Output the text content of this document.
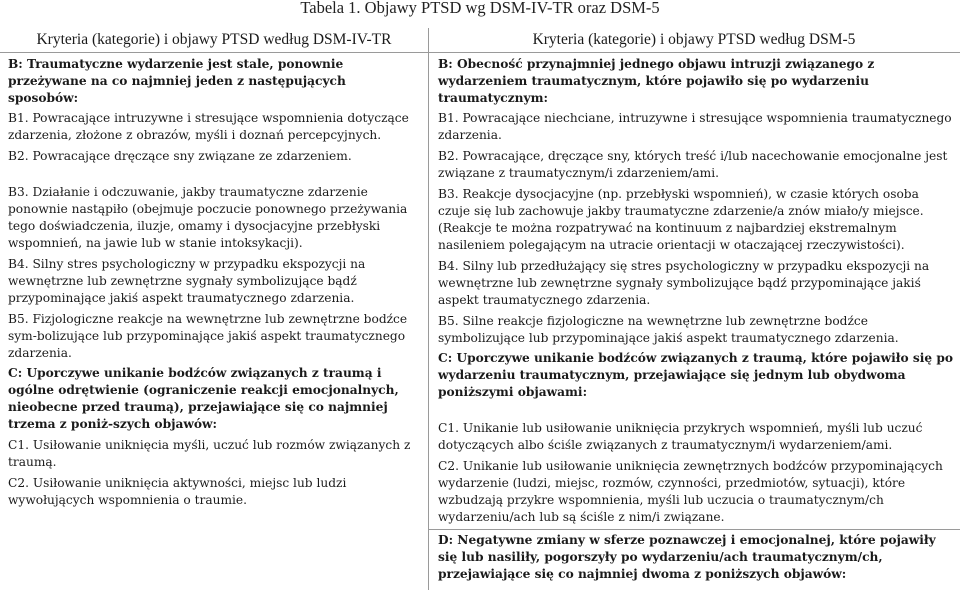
Tabela 1. Objawy PTSD wg DSM-IV-TR oraz DSM-5
Kryteria (kategorie) i objawy PTSD według DSM-IV-TR

B: Traumatyczne wydarzenie jest stale, ponownie przeżywane na co najmniej jeden z następujących sposobów:

B1. Powracające intruzywne i stresujące wspomnienia dotyczące zdarzenia, złożone z obrazów, myśli i doznań percepcyjnych.

B2. Powracające dręczące sny związane ze zdarzeniem.

B3. Działanie i odczuwanie, jakby traumatyczne zdarzenie ponownie nastąpiło (obejmuje poczucie ponownego przeżywania tego doświadczenia, iluzje, omamy i dysocjacyjne przebłyski wspomnień, na jawie lub w stanie intoksykacji).

B4. Silny stres psychologiczny w przypadku ekspozycji na wewnętrzne lub zewnętrzne sygnały symbolizujące bądź przypominające jakiś aspekt traumatycznego zdarzenia.

B5. Fizjologiczne reakcje na wewnętrzne lub zewnętrzne bodźce sym-bolizujące lub przypominające jakiś aspekt traumatycznego zdarzenia.

C: Uporczywe unikanie bodźców związanych z traumą i ogólne odrętwienie (ograniczenie reakcji emocjonalnych, nieobecne przed traumą), przejawiające się co najmniej trzema z poniż-szych objawów:

C1. Usiłowanie uniknięcia myśli, uczuć lub rozmów związanych z traumą.

C2. Usiłowanie uniknięcia aktywności, miejsc lub ludzi wywołujących wspomnienia o traumie.

Kryteria (kategorie) i objawy PTSD według DSM-5

B: Obecność przynajmniej jednego objawu intruzji związanego z wydarzeniem traumatycznym, które pojawiło się po wydarzeniu traumatycznym:

B1. Powracające niechciane, intruzywne i stresujące wspomnienia traumatycznego zdarzenia.

B2. Powracające, dręczące sny, których treść i/lub nacechowanie emocjonalne jest związane z traumatycznym/i zdarzeniem/ami.

B3. Reakcje dysocjacyjne (np. przebłyski wspomnień), w czasie których osoba czuje się lub zachowuje jakby traumatyczne zdarzenie/a znów miało/y miejsce. (Reakcje te można rozpatrywać na kontinuum z najbardziej ekstremalnym nasileniem polegającym na utracie orientacji w otaczającej rzeczywistości).

B4. Silny lub przedłużający się stres psychologiczny w przypadku ekspozycji na wewnętrzne lub zewnętrzne sygnały symbolizujące bądź przypominające jakiś aspekt traumatycznego zdarzenia.

B5. Silne reakcje fizjologiczne na wewnętrzne lub zewnętrzne bodźce symbolizujące lub przypominające jakiś aspekt traumatycznego zdarzenia.

C: Uporczywe unikanie bodźców związanych z traumą, które pojawiło się po wydarzeniu traumatycznym, przejawiające się jednym lub obydwoma poniższymi objawami:

C1. Unikanie lub usiłowanie uniknięcia przykrych wspomnień, myśli lub uczuć dotyczących albo ściśle związanych z traumatycznym/i wydarzeniem/ami.

C2. Unikanie lub usiłowanie uniknięcia zewnętrznych bodźców przypominających wydarzenie (ludzi, miejsc, rozmów, czynności, przedmiotów, sytuacji), które wzbudzają przykre wspomnienia, myśli lub uczucia o traumatycznym/ch wydarzeniu/ach lub są ściśle z nim/i związane.

D: Negatywne zmiany w sferze poznawczej i emocjonalnej, które pojawiły się lub nasiliły, pogorszyły po wydarzeniu/ach traumatycznym/ch, przejawiające się co najmniej dwoma z poniższych objawów:
